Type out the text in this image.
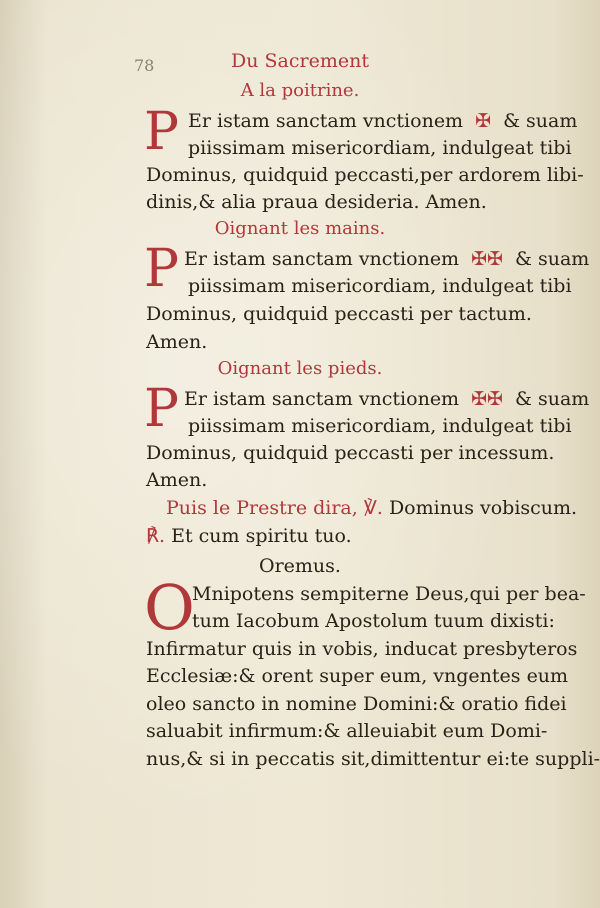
78	Du Sacrement
A la poitrine.
P Er istam sanctam vnctionem ✠ & suam
piissimam misericordiam, indulgeat tibi
Dominus, quidquid peccasti,per ardorem libi-
dinis,& alia praua desideria. Amen.
Oignant les mains.
P Er istam sanctam vnctionem ✠✠ & suam
piissimam misericordiam, indulgeat tibi
Dominus, quidquid peccasti per tactum.
Amen.
Oignant les pieds.
P Er istam sanctam vnctionem ✠✠ & suam
piissimam misericordiam, indulgeat tibi
Dominus, quidquid peccasti per incessum.
Amen.
Puis le Prestre dira, ℣. Dominus vobiscum.
℟. Et cum spiritu tuo.
Oremus.
O
Mnipotens sempiterne Deus,qui per bea-
tum Iacobum Apostolum tuum dixisti:
Infirmatur quis in vobis, inducat presbyteros
Ecclesiæ:& orent super eum, vngentes eum
oleo sancto in nomine Domini:& oratio fidei
saluabit infirmum:& alleuiabit eum Domi-
nus,& si in peccatis sit,dimittentur ei:te suppli-
